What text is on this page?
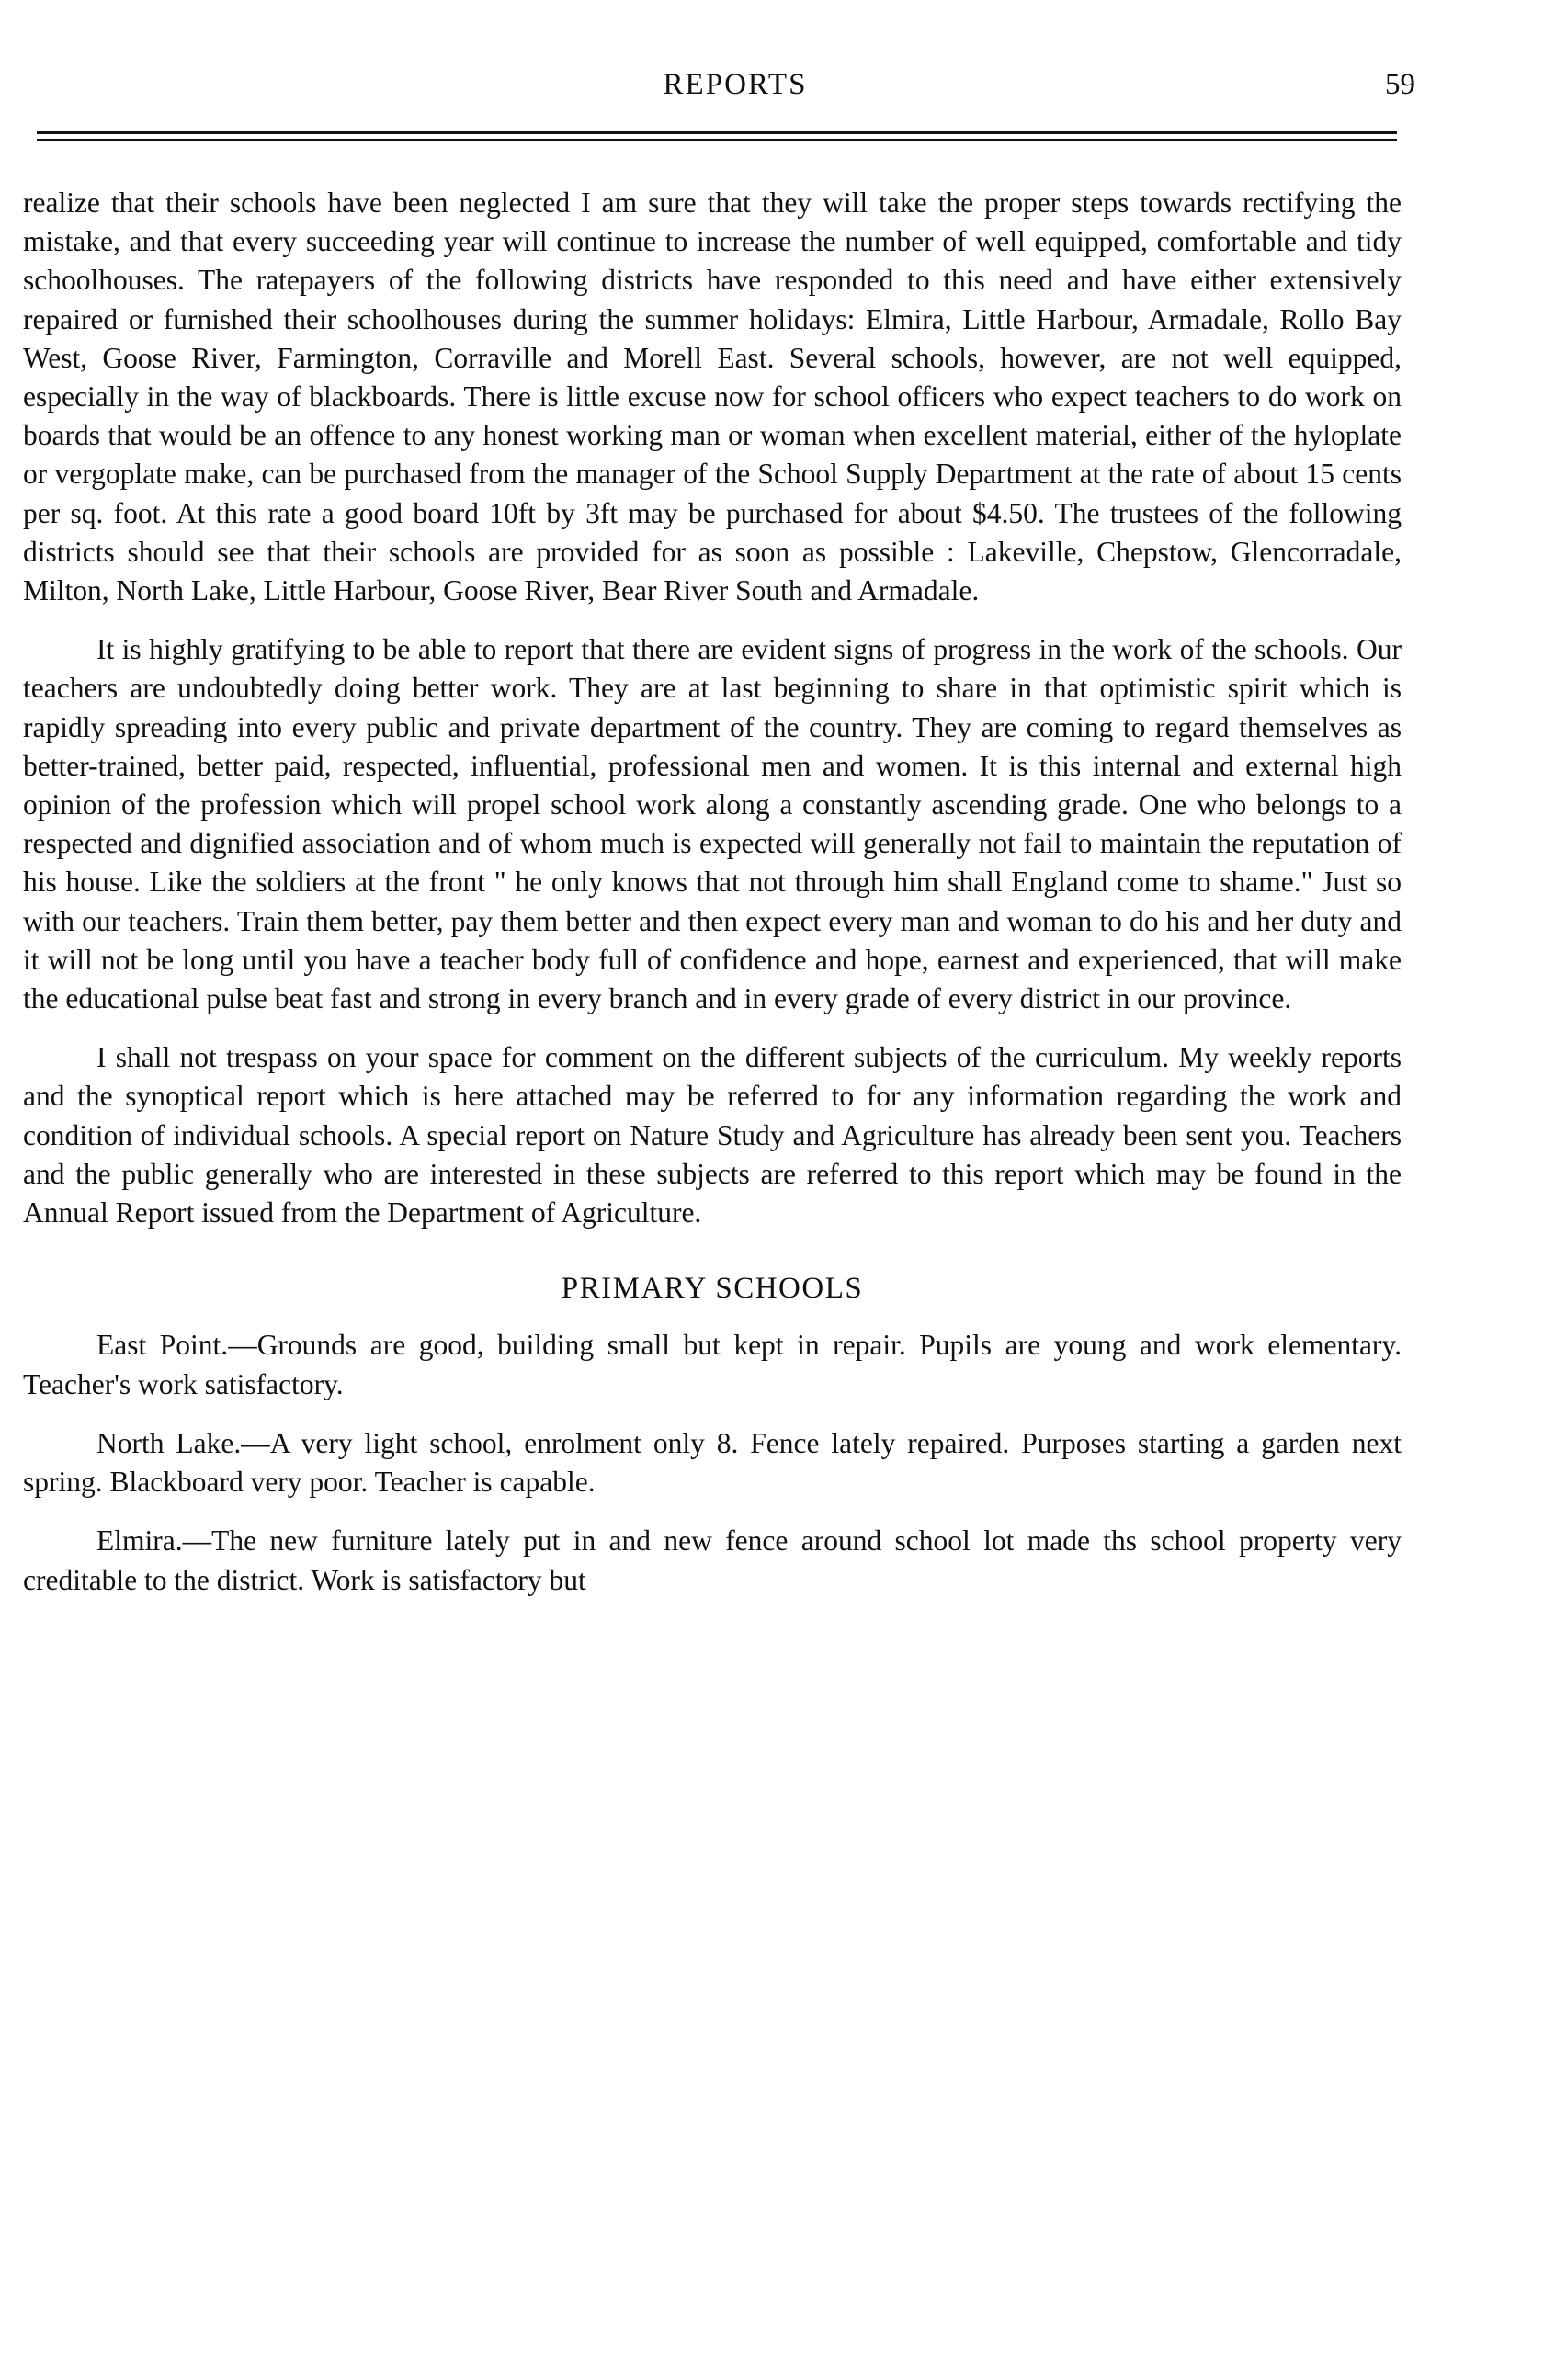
REPORTS	59

realize that their schools have been neglected I am sure that they will take the proper steps towards rectifying the mistake, and that every succeeding year will continue to increase the number of well equipped, comfortable and tidy schoolhouses. The ratepayers of the following districts have responded to this need and have either extensively repaired or furnished their schoolhouses during the summer holidays: Elmira, Little Harbour, Armadale, Rollo Bay West, Goose River, Farmington, Corraville and Morell East. Several schools, however, are not well equipped, especially in the way of blackboards. There is little excuse now for school officers who expect teachers to do work on boards that would be an offence to any honest working man or woman when excellent material, either of the hyloplate or vergoplate make, can be purchased from the manager of the School Supply Department at the rate of about 15 cents per sq. foot. At this rate a good board 10ft by 3ft may be purchased for about $4.50. The trustees of the following districts should see that their schools are provided for as soon as possible : Lakeville, Chepstow, Glencorradale, Milton, North Lake, Little Harbour, Goose River, Bear River South and Armadale.

It is highly gratifying to be able to report that there are evident signs of progress in the work of the schools. Our teachers are undoubtedly doing better work. They are at last beginning to share in that optimistic spirit which is rapidly spreading into every public and private department of the country. They are coming to regard themselves as better-trained, better paid, respected, influential, professional men and women. It is this internal and external high opinion of the profession which will propel school work along a constantly ascending grade. One who belongs to a respected and dignified association and of whom much is expected will generally not fail to maintain the reputation of his house. Like the soldiers at the front " he only knows that not through him shall England come to shame." Just so with our teachers. Train them better, pay them better and then expect every man and woman to do his and her duty and it will not be long until you have a teacher body full of confidence and hope, earnest and experienced, that will make the educational pulse beat fast and strong in every branch and in every grade of every district in our province.

I shall not trespass on your space for comment on the different subjects of the curriculum. My weekly reports and the synoptical report which is here attached may be referred to for any information regarding the work and condition of individual schools. A special report on Nature Study and Agriculture has already been sent you. Teachers and the public generally who are interested in these subjects are referred to this report which may be found in the Annual Report issued from the Department of Agriculture.

PRIMARY SCHOOLS

East Point.—Grounds are good, building small but kept in repair. Pupils are young and work elementary. Teacher's work satisfactory.

North Lake.—A very light school, enrolment only 8. Fence lately repaired. Purposes starting a garden next spring. Blackboard very poor. Teacher is capable.

Elmira.—The new furniture lately put in and new fence around school lot made ths school property very creditable to the district. Work is satisfactory but
